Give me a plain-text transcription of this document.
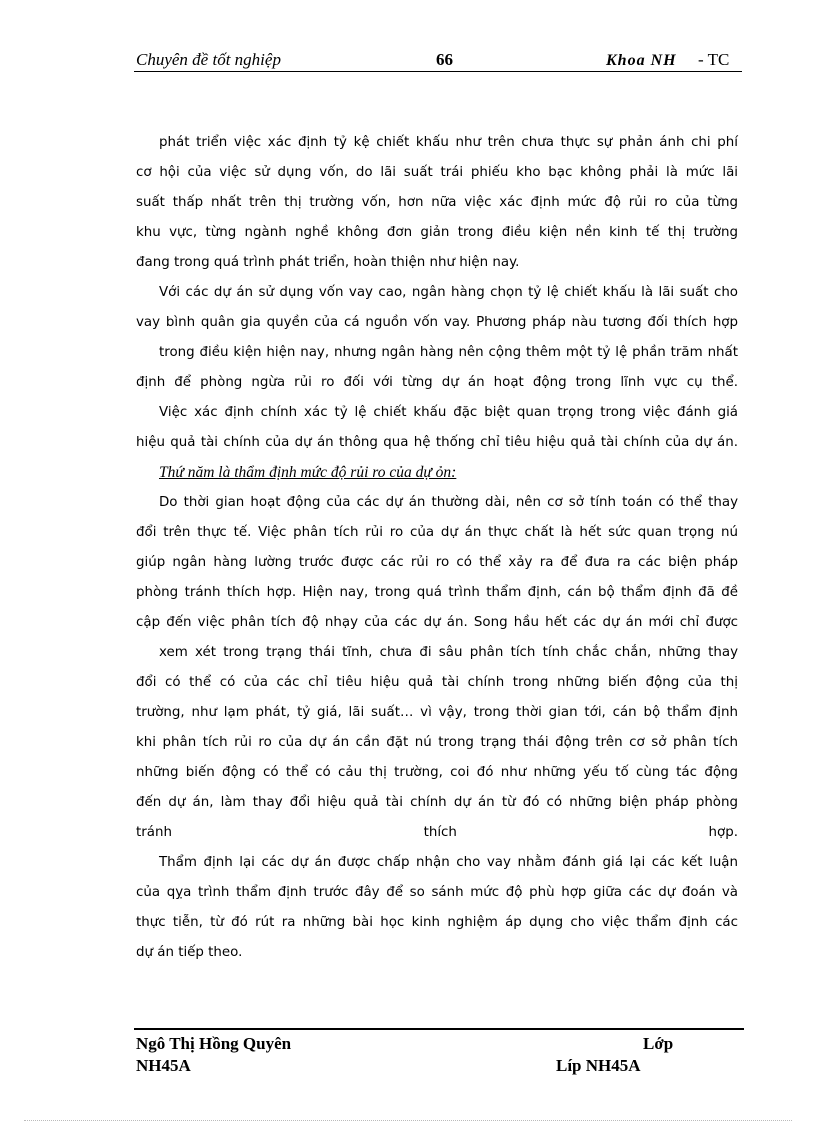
Chuyên đề tốt nghiệp	66	Khoa NH - TC
phát triển việc xác định tỷ kệ chiết khấu như trên chưa thực sự phản ánh chi phí
cơ hội của việc sử dụng vốn, do lãi suất trái phiếu kho bạc không phải là mức lãi
suất thấp nhất trên thị trường vốn, hơn nữa việc xác định mức độ rủi ro của từng
khu vực, từng ngành nghề không đơn giản trong điều kiện nền kinh tế thị trường
đang trong quá trình phát triển, hoàn thiện như hiện nay.
Với các dự án sử dụng vốn vay cao, ngân hàng chọn tỷ lệ chiết khấu là lãi suất cho
vay bình quân gia quyền của cá nguồn vốn vay. Phương pháp nàu tương đối thích hợp
trong điều kiện hiện nay, nhưng ngân hàng nên cộng thêm một tỷ lệ phần trăm nhất
định để phòng ngừa rủi ro đối với từng dự án hoạt động trong lĩnh vực cụ thể.
Việc xác định chính xác tỷ lệ chiết khấu đặc biệt quan trọng trong việc đánh giá
hiệu quả tài chính của dự án thông qua hệ thống chỉ tiêu hiệu quả tài chính của dự án.
Thứ năm là thẩm định mức độ rủi ro của dự ỏn:
Do thời gian hoạt động của các dự án thường dài, nên cơ sở tính toán có thể thay
đổi trên thực tế. Việc phân tích rủi ro của dự án thực chất là hết sức quan trọng nú
giúp ngân hàng lường trước được các rủi ro có thể xảy ra để đưa ra các biện pháp
phòng tránh thích hợp. Hiện nay, trong quá trình thẩm định, cán bộ thẩm định đã đề
cập đến việc phân tích độ nhạy của các dự án. Song hầu hết các dự án mới chỉ được
xem xét trong trạng thái tĩnh, chưa đi sâu phân tích tính chắc chắn, những thay
đổi có thể có của các chỉ tiêu hiệu quả tài chính trong những biến động của thị
trường, như lạm phát, tỷ giá, lãi suất… vì vậy, trong thời gian tới, cán bộ thẩm định
khi phân tích rủi ro của dự án cần đặt nú trong trạng thái động trên cơ sở phân tích
những biến động có thể có cảu thị trường, coi đó như những yếu tố cùng tác động
đến dự án, làm thay đổi hiệu quả tài chính dự án từ đó có những biện pháp phòng
tránh thích hợp.
Thẩm định lại các dự án được chấp nhận cho vay nhằm đánh giá lại các kết luận
của qỵa trình thẩm định trước đây để so sánh mức độ phù hợp giữa các dự đoán và
thực tiễn, từ đó rút ra những bài học kinh nghiệm áp dụng cho việc thẩm định các
dự án tiếp theo.
Ngô Thị Hồng Quyên	Lớp
NH45A	Líp NH45A
